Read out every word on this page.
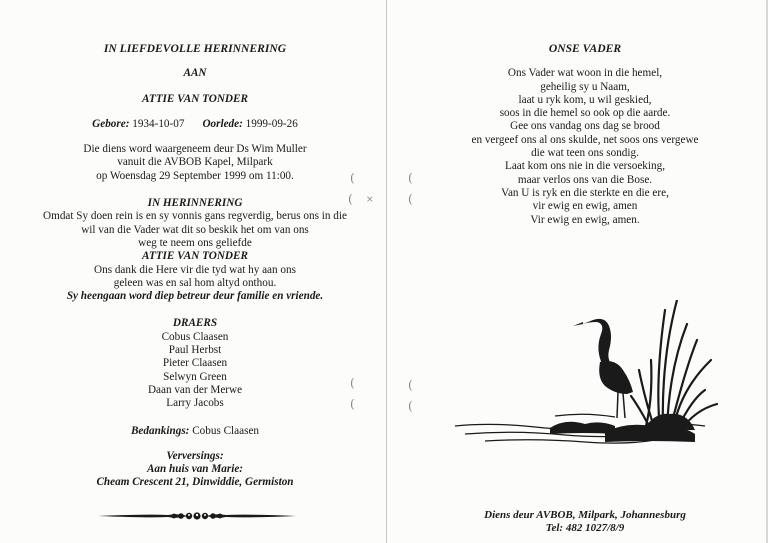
IN LIEFDEVOLLE HERINNERING
AAN
ATTIE VAN TONDER
Gebore: 1934-10-07 Oorlede: 1999-09-26
Die diens word waargeneem deur Ds Wim Muller
vanuit die AVBOB Kapel, Milpark
op Woensdag 29 September 1999 om 11:00.
IN HERINNERING
Omdat Sy doen rein is en sy vonnis gans regverdig, berus ons in die
wil van die Vader wat dit so beskik het om van ons
weg te neem ons geliefde
ATTIE VAN TONDER
Ons dank die Here vir die tyd wat hy aan ons
geleen was en sal hom altyd onthou.
Sy heengaan word diep betreur deur familie en vriende.
DRAERS
Cobus Claasen
Paul Herbst
Pieter Claasen
Selwyn Green
Daan van der Merwe
Larry Jacobs
Bedankings: Cobus Claasen
Verversings:
Aan huis van Marie:
Cheam Crescent 21, Dinwiddie, Germiston
(
( ×
(
(
(
(
(
(
ONSE VADER
Ons Vader wat woon in die hemel,
geheilig sy u Naam,
laat u ryk kom, u wil geskied,
soos in die hemel so ook op die aarde.
Gee ons vandag ons dag se brood
en vergeef ons al ons skulde, net soos ons vergewe
die wat teen ons sondig.
Laat kom ons nie in die versoeking,
maar verlos ons van die Bose.
Van U is ryk en die sterkte en die ere,
vir ewig en ewig, amen
Vir ewig en ewig, amen.
Diens deur AVBOB, Milpark, Johannesburg
Tel: 482 1027/8/9
